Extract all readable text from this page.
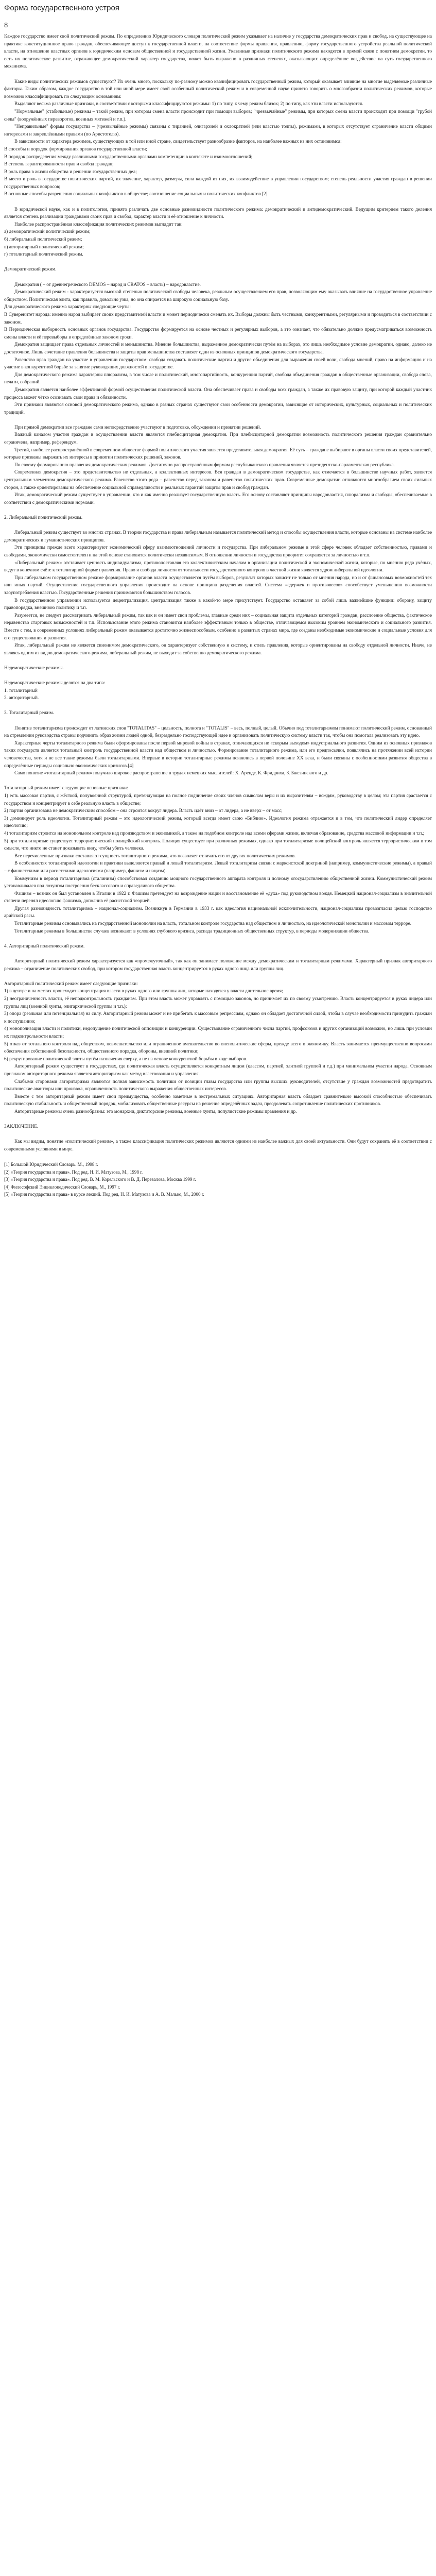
Форма государственного устроя
8

Каждое государство имеет свой политический режим. По определению Юридического словаря политический режим указывает на наличие у государства демократических прав и свобод, на существующее на практике конституционное право граждан, обеспечивающее доступ к государственной власти, на соответствие формы правления, правлению, форму государственного устройства реальной политической власти, на отношение властных органов к юридическим основам общественной и государственной жизни. Указанные признаки политического режима находятся в прямой связи с понятием демократии, то есть их политическое развитие, отражающее демократический характер государства, может быть выражено в различных степенях, оказывающих определённое воздействие на суть государственного механизма.

Какие виды политических режимов существуют? Их очень много, поскольку по-разному можно квалифицировать государственный режим, который оказывает влияние на многие выделяемые различные факторы. Таким образом, каждое государство в той или иной мере имеет свой особенный политический режим и в современной науке принято говорить о многообразии политических режимов, которые возможно классифицировать по следующим основаниям:

Выделяют весьма различные признаки, в соответствии с которыми классифицируются режимы: 1) по типу, к чему режим близок; 2) по типу, как эти власти используются.

"Нормальные" (стабильные) режимы – такой режим, при котором смена власти происходит при помощи выборов; "чрезвычайные" режимы, при которых смена власти происходит при помощи "грубой силы" (вооружённых переворотов, военных мятежей и т.п.).

"Неправильные" формы государства – (чрезвычайные режимы) связаны с тиранией, олигархией и охлократией (или властью толпы), режимами, в которых отсутствует ограничение власти общими интересами и закреплёнными правами (по Аристотелю).

В зависимости от характера режимов, существующих в той или иной стране, свидетельствует разнообразие факторов, на наиболее важных из них остановимся:

В способы и порядок формирования органов государственной власти;

В порядок распределения между различными государственными органами компетенции в контексте и взаимоотношений;

В степень гарантированности прав и свобод граждан;

В роль права в жизни общества и решении государственных дел;

В место и роль в государстве политических партий, их значение, характер, размеры, сила каждой из них, их взаимодействие в управлении государством; степень реальности участия граждан в решении государственных вопросов;

В основные способы разрешения социальных конфликтов в обществе; соотношение социальных и политических конфликтов.[2]

В юридической науке, как и в политологии, принято различать две основные разновидности политического режима: демократический и антидемократический. Ведущим критерием такого деления является степень реализации гражданами своих прав и свобод, характер власти и её отношение к личности.

Наиболее распространённая классификация политических режимов выглядит так:

а) демократический политический режим;

б) либеральный политический режим;

в) авторитарный политический режим;

г) тоталитарный политический режим.

Демократический режим.

Демократия ( – от древнегреческого DEMOS – народ и CRATOS – власть) – народовластие.

Демократический режим - характеризуется высокой степенью политической свободы человека, реальным осуществлением его прав, позволяющим ему оказывать влияние на государственное управление обществом. Политическая элита, как правило, довольно узка, но она опирается на широкую социальную базу.

Для демократического режима характерны следующие черты:

В Суверенитет народа: именно народ выбирает своих представителей власти и может периодически сменять их. Выборы должны быть честными, конкурентными, регулярными и проводиться в соответствии с законом.

В Периодическая выборность основных органов государства. Государство формируется на основе честных и регулярных выборов, а это означает, что обязательно должно предусматриваться возможность смены власти и её перевыборы в определённые законом сроки.

Демократия защищает права отдельных личностей и меньшинства. Мнение большинства, выраженное демократически путём на выборах, это лишь необходимое условие демократии, однако, далеко не достаточное. Лишь сочетание правления большинства и защиты прав меньшинства составляет одни из основных принципов демократического государства.

Равенство прав граждан на участие в управлении государством: свобода создавать политические партии и другие объединения для выражения своей воли, свобода мнений, право на информацию и на участие в конкурентной борьбе за занятие руководящих должностей в государстве.

Для демократического режима характерны плюрализм, в том числе и политический, многопартийность, конкуренция партий, свобода объединения граждан в общественные организации, свобода слова, печати, собраний.

Демократия является наиболее эффективной формой осуществления политической власти. Она обеспечивает права и свободы всех граждан, а также их правовую защиту, при которой каждый участник процесса может чётко осознавать свои права и обязанности.

Эти признаки являются основой демократического режима, однако в разных странах существуют свои особенности демократии, зависящие от исторических, культурных, социальных и политических традиций.

При прямой демократии все граждане сами непосредственно участвуют в подготовке, обсуждении и принятии решений.

Важный каналом участия граждан в осуществлении власти являются плебисцитарная демократия. При плебисцитарной демократии возможность политического решения граждан сравнительно ограничена, например, референдум.

Третий, наиболее распространённой в современном обществе формой политического участия является представительная демократия. Её суть – граждане выбирают в органы власти своих представителей, которые призваны выражать их интересы в принятии политических решений, законов.

По своему формированию правления демократических режимов. Достаточно распространённым формам республиканского правления является президентско-парламентская республика.

Современная демократия – это представительство не отдельных, а коллективных интересов. Вся граждан в демократическом государстве, как отмечается в большинстве научных работ, является центральным элементом демократического режима. Равенство этого рода – равенство перед законом и равенство политических прав. Современные демократии отличаются многообразием своих сильных сторон, а также ориентированы на обеспечение социальной справедливости и реальных гарантий защиты прав и свобод граждан.

Итак, демократический режим существует в управлении, кто и как именно реализует государственную власть. Его основу составляют принципы народовластия, плюрализма и свободы, обеспечиваемые в соответствии с демократическими нормами.

2. Либеральный политический режим.

Либеральный режим существует во многих странах. В теории государства и права либеральным называется политический метод и способы осуществления власти, которые основаны на системе наиболее демократических и гуманистических принципов.

Эти принципы прежде всего характеризуют экономический сферу взаимоотношений личности и государства. При либеральном режиме в этой сфере человек обладает собственностью, правами и свободами, экономически самостоятелен и на этой основе становится политически независимым. В отношении личности и государства приоритет сохраняется за личностью и т.п.

«Либеральный режим» отстаивает ценность индивидуализма, противопоставляя его коллективистским началам в организации политической и экономической жизни, которые, по мнению ряда учёных, ведут в конечном счёте к тоталитарной форме правления. Право и свобода личности от тотальности государственного контроля в частной жизни является ядром либеральной идеологии.

При либеральном государственном режиме формирование органов власти осуществляется путём выборов, результат которых зависит не только от мнения народа, но и от финансовых возможностей тех или иных партий. Осуществление государственного управления происходит на основе принципа разделения властей. Система «сдержек и противовесов» способствует уменьшению возможности злоупотребления властью. Государственные решения принимаются большинством голосов.

В государственном управлении используется децентрализация, централизация также в какой-то мере присутствует. Государство оставляет за собой лишь важнейшие функции: оборону, защиту правопорядка, внешнюю политику и т.п.

Разумеется, не следует рассматривать либеральный режим, так как и он имеет свои проблемы, главные среди них – социальная защита отдельных категорий граждан, расслоение общества, фактическое неравенство стартовых возможностей и т.п. Использование этого режима становится наиболее эффективным только в обществе, отличающемся высоким уровнем экономического и социального развития. Вместе с тем, в современных условиях либеральный режим оказывается достаточно жизнеспособным, особенно в развитых странах мира, где созданы необходимые экономические и социальные условия для его существования и развития.

Итак, либеральный режим не является синонимом демократического, он характеризует собственную и систему, и стиль правления, которые ориентированы на свободу отдельной личности. Иначе, не являясь одним из видов демократического режима, либеральный режим, не выходит за собственно демократического режима.

Недемократические режимы.

Недемократические режимы делятся на два типа:

1. тоталитарный

2. авторитарный.

3. Тоталитарный режим.

Понятие тоталитаризма происходит от латинских слов "TOTALITAS" – цельность, полнота и "TOTALIS" – весь, полный, целый. Обычно под тоталитаризмом понимают политический режим, основанный на стремлении руководства страны подчинить образ жизни людей одной, безраздельно господствующей идее и организовать политическую систему власти так, чтобы она помогала реализовать эту идею.

Характерные черты тоталитарного режима были сформированы после первой мировой войны в странах, отличающихся не «скорым выходом» индустриального развития. Одним из основных признаков таких государств является тотальный контроль государственной власти над обществом и личностью. Формирование тоталитарного режима, или его предпосылки, появлялись на протяжении всей истории человечества, хотя и не все такие режимы были тоталитарными. Впервые в истории тоталитарные режимы появились в первой половине XX века, и были связаны с особенностями развития общества в определённые периоды социально-экономических кризисов.[4]

Само понятие «тоталитарный режим» получило широкое распространение в трудах немецких мыслителей: Х. Арендт, К. Фридриха, З. Бжезинского и др.

Тоталитарный режим имеет следующие основные признаки:

1) есть массовая партия, с жёсткой, полувоенной структурой, претендующая на полное подчинение своих членов символам веры и их выразителям – вождям, руководству в целом; эта партия срастается с государством и концентрирует в себе реальную власть в обществе;

2) партия организована не демократическим способом – она строится вокруг лидера. Власть идёт вниз – от лидера, а не вверх – от масс;

3) доминирует роль идеологии. Тоталитарный режим – это идеологический режим, который всегда имеет свою «Библию». Идеология режима отражается и в том, что политический лидер определяет идеологию;

4) тоталитаризм строится на монопольном контроле над производством и экономикой, а также на подобном контроле над всеми сферами жизни, включая образование, средства массовой информации и т.п.;

5) при тоталитаризме существует террористический полицейский контроль. Полиция существует при различных режимах, однако при тоталитаризме полицейский контроль является террористическим в том смысле, что никто не станет доказывать вину, чтобы убить человека.

Все перечисленные признаки составляют сущность тоталитарного режима, что позволяет отличать его от других политических режимов.

В особенностях тоталитарной идеологии и практики выделяются правый и левый тоталитаризм. Левый тоталитаризм связан с марксистской доктриной (например, коммунистические режимы), а правый – с фашистскими или расистскими идеологиями (например, фашизм и нацизм).

Коммунизм в период тоталитаризма (сталинизм) способствовал созданию мощного государственного аппарата контроля и полному огосударствлению общественной жизни. Коммунистический режим устанавливался под лозунгом построения бесклассового и справедливого общества.

Фашизм – возник он был установлен в Италии в 1922 г. Фашизм претендует на возрождение нации и восстановление её «духа» под руководством вождя. Немецкий национал-социализм в значительной степени перенял идеологию фашизма, дополнив её расистской теорией.

Другая разновидность тоталитаризма – национал-социализм. Возникнув в Германии в 1933 г. как идеология национальной исключительности, национал-социализм провозгласил целью господство арийской расы.

Тоталитарные режимы основывались на государственной монополии на власть, тотальном контроле государства над обществом и личностью, на идеологической монополии и массовом терроре.

Тоталитарные режимы в большинстве случаев возникают в условиях глубокого кризиса, распада традиционных общественных структур, в периоды модернизации общества.

4. Авторитарный политический режим.

Авторитарный политический режим характеризуется как «промежуточный», так как он занимает положение между демократическим и тоталитарным режимами. Характерный признак авторитарного режима – ограничение политических свобод, при котором государственная власть концентрируется в руках одного лица или группы лиц.

Авторитарный политический режим имеет следующие признаки:

1) в центре и на местах происходит концентрация власти в руках одного или группы лиц, которые находятся у власти длительное время;

2) неограниченность власти, её неподконтрольность гражданам. При этом власть может управлять с помощью законов, но принимает их по своему усмотрению. Власть концентрируется в руках лидера или группы лиц (военной хунты, олигархической группы и т.п.);

3) опора (реальная или потенциальная) на силу. Авторитарный режим может и не прибегать к массовым репрессиям, однако он обладает достаточной силой, чтобы в случае необходимости принудить граждан к послушанию;

4) монополизация власти и политики, недопущение политической оппозиции и конкуренции. Существование ограниченного числа партий, профсоюзов и других организаций возможно, но лишь при условии их подконтрольности власти;

5) отказ от тотального контроля над обществом, невмешательство или ограниченное вмешательство во внеполитические сферы, прежде всего в экономику. Власть занимается преимущественно вопросами обеспечения собственной безопасности, общественного порядка, обороны, внешней политики;

6) рекрутирование политической элиты путём назначения сверху, а не на основе конкурентной борьбы в ходе выборов.

Авторитарный режим существует в государствах, где политическая власть осуществляется конкретным лицом (классом, партией, элитной группой и т.д.) при минимальном участии народа. Основным признаком авторитарного режима является авторитаризм как метод властвования и управления.

Слабыми сторонами авторитаризма являются полная зависимость политики от позиции главы государства или группы высших руководителей, отсутствие у граждан возможностей предотвратить политические авантюры или произвол, ограниченность политического выражения общественных интересов.

Вместе с тем авторитарный режим имеет свои преимущества, особенно заметные в экстремальных ситуациях. Авторитарная власть обладает сравнительно высокой способностью обеспечивать политическую стабильность и общественный порядок, мобилизовать общественные ресурсы на решение определённых задач, преодолевать сопротивление политических противников.

Авторитарные режимы очень разнообразны: это монархии, диктаторские режимы, военные хунты, популистские режимы правления и др.

ЗАКЛЮЧЕНИЕ.

Как мы видим, понятие «политический режим», а также классификация политических режимов являются одними из наиболее важных для своей актуальности. Они будут сохранять её в соответствии с современными условиями в мире.

[1] Большой Юридический Словарь. М., 1998 г.

[2] «Теория государства и права». Под ред. Н. И. Матузова, М., 1998 г.

[3] «Теория государства и права». Под ред. В. М. Корельского и В. Д. Перевалова, Москва 1999 г.

[4] Философский Энциклопедический Словарь, М., 1997 г.

[5] «Теория государства и права» в курсе лекций. Под ред. Н. И. Матузова и А. В. Малько, М., 2000 г.
